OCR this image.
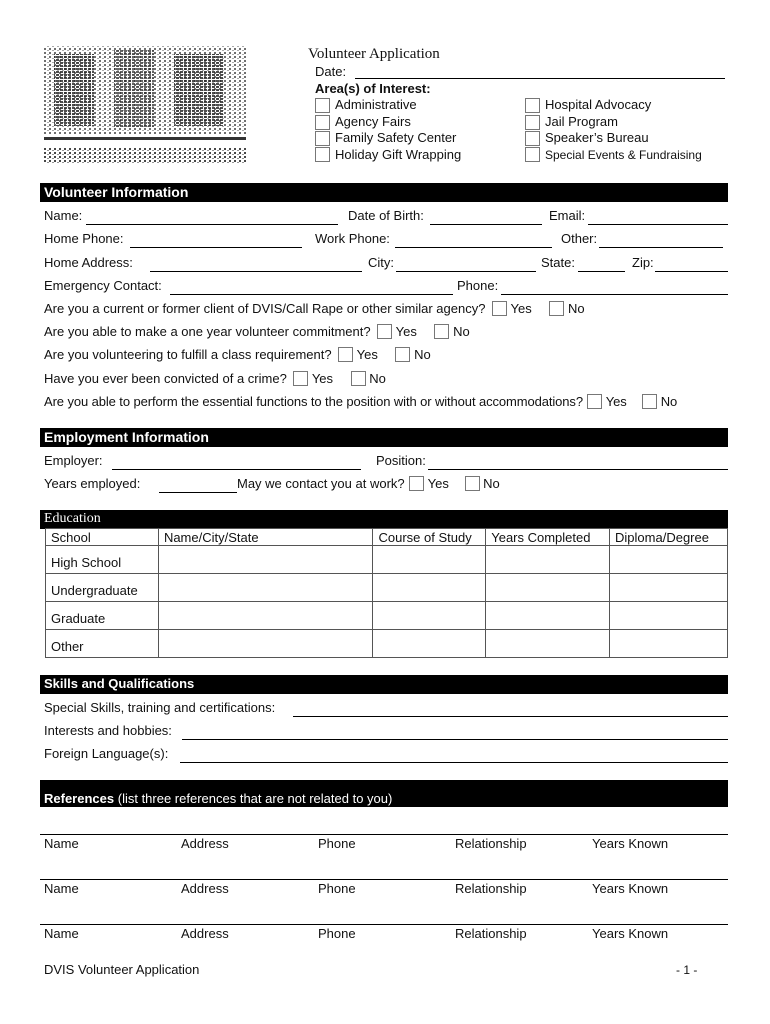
Volunteer Application
Date:
Area(s) of Interest:
Administrative
Agency Fairs
Family Safety Center
Holiday Gift Wrapping
Hospital Advocacy
Jail Program
Speaker’s Bureau
Special Events & Fundraising
Volunteer Information
Name:	Date of Birth:	Email:
Home Phone:	Work Phone:	Other:
Home Address:	City:	State:	Zip:
Emergency Contact:	Phone:
Are you a current or former client of DVIS/Call Rape or other similar agency? Yes	No
Are you able to make a one year volunteer commitment? Yes	No
Are you volunteering to fulfill a class requirement? Yes	No
Have you ever been convicted of a crime? Yes	No
Are you able to perform the essential functions to the position with or without accommodations? Yes	No
Employment Information
Employer:	Position:
Years employed:	May we contact you at work? Yes	No
Education
School	Name/City/State	Course of Study	Years Completed	Diploma/Degree
High School				
Undergraduate				
Graduate				
Other				
Skills and Qualifications
Special Skills, training and certifications:
Interests and hobbies:
Foreign Language(s):
References (list three references that are not related to you)
Name	Address	Phone	Relationship	Years Known
Name	Address	Phone	Relationship	Years Known
Name	Address	Phone	Relationship	Years Known
DVIS Volunteer Application	- 1 -
